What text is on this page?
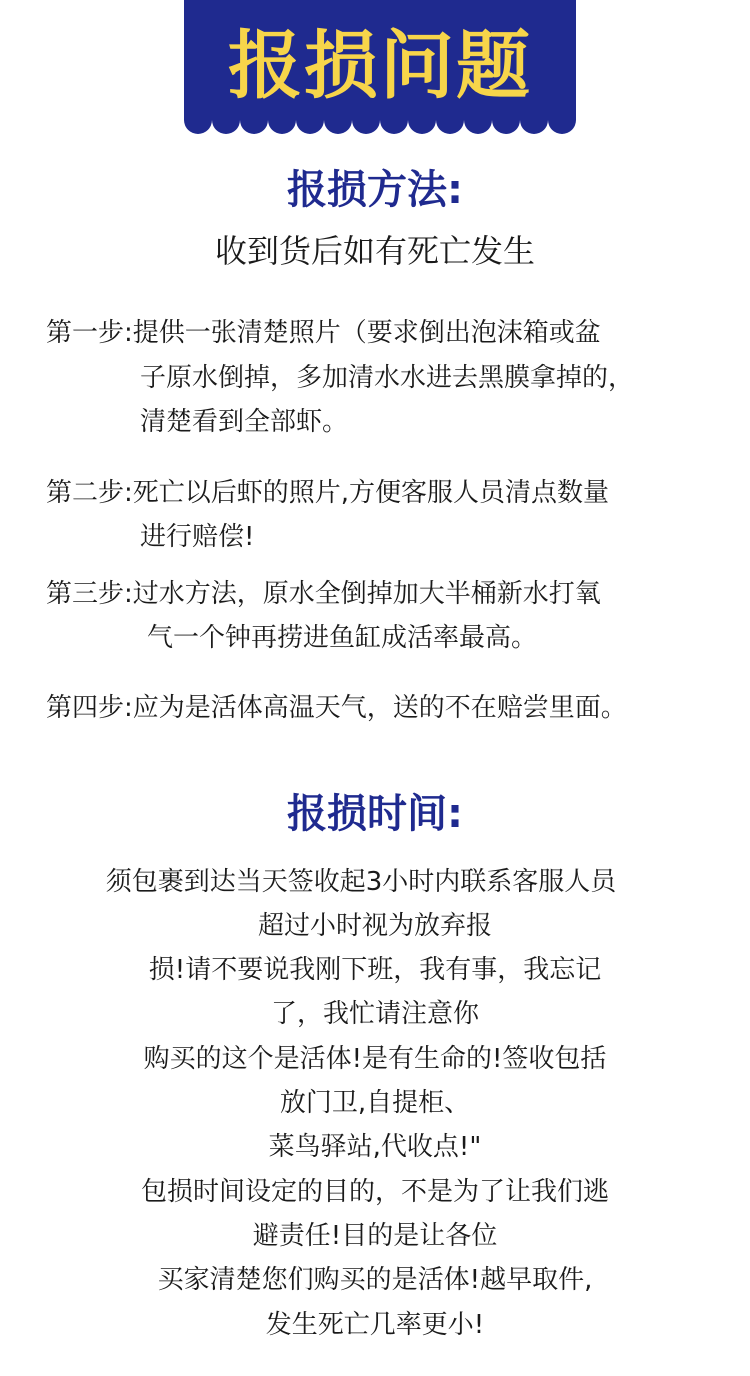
报损问题
报损方法:
收到货后如有死亡发生
第一步:提供一张清楚照片（要求倒出泡沫箱或盆
子原水倒掉，多加清水水进去黑膜拿掉的，
清楚看到全部虾。
第二步:死亡以后虾的照片,方便客服人员清点数量
进行赔偿!
第三步:过水方法，原水全倒掉加大半桶新水打氧
气一个钟再捞进鱼缸成活率最高。
第四步:应为是活体高温天气，送的不在赔尝里面。
报损时间:
须包裹到达当天签收起3小时内联系客服人员
超过小时视为放弃报
损!请不要说我刚下班，我有事，我忘记
了，我忙请注意你
购买的这个是活体!是有生命的!签收包括
放门卫,自提柜、
菜鸟驿站,代收点!"
包损时间设定的目的，不是为了让我们逃
避责任!目的是让各位
买家清楚您们购买的是活体!越早取件,
发生死亡几率更小!
